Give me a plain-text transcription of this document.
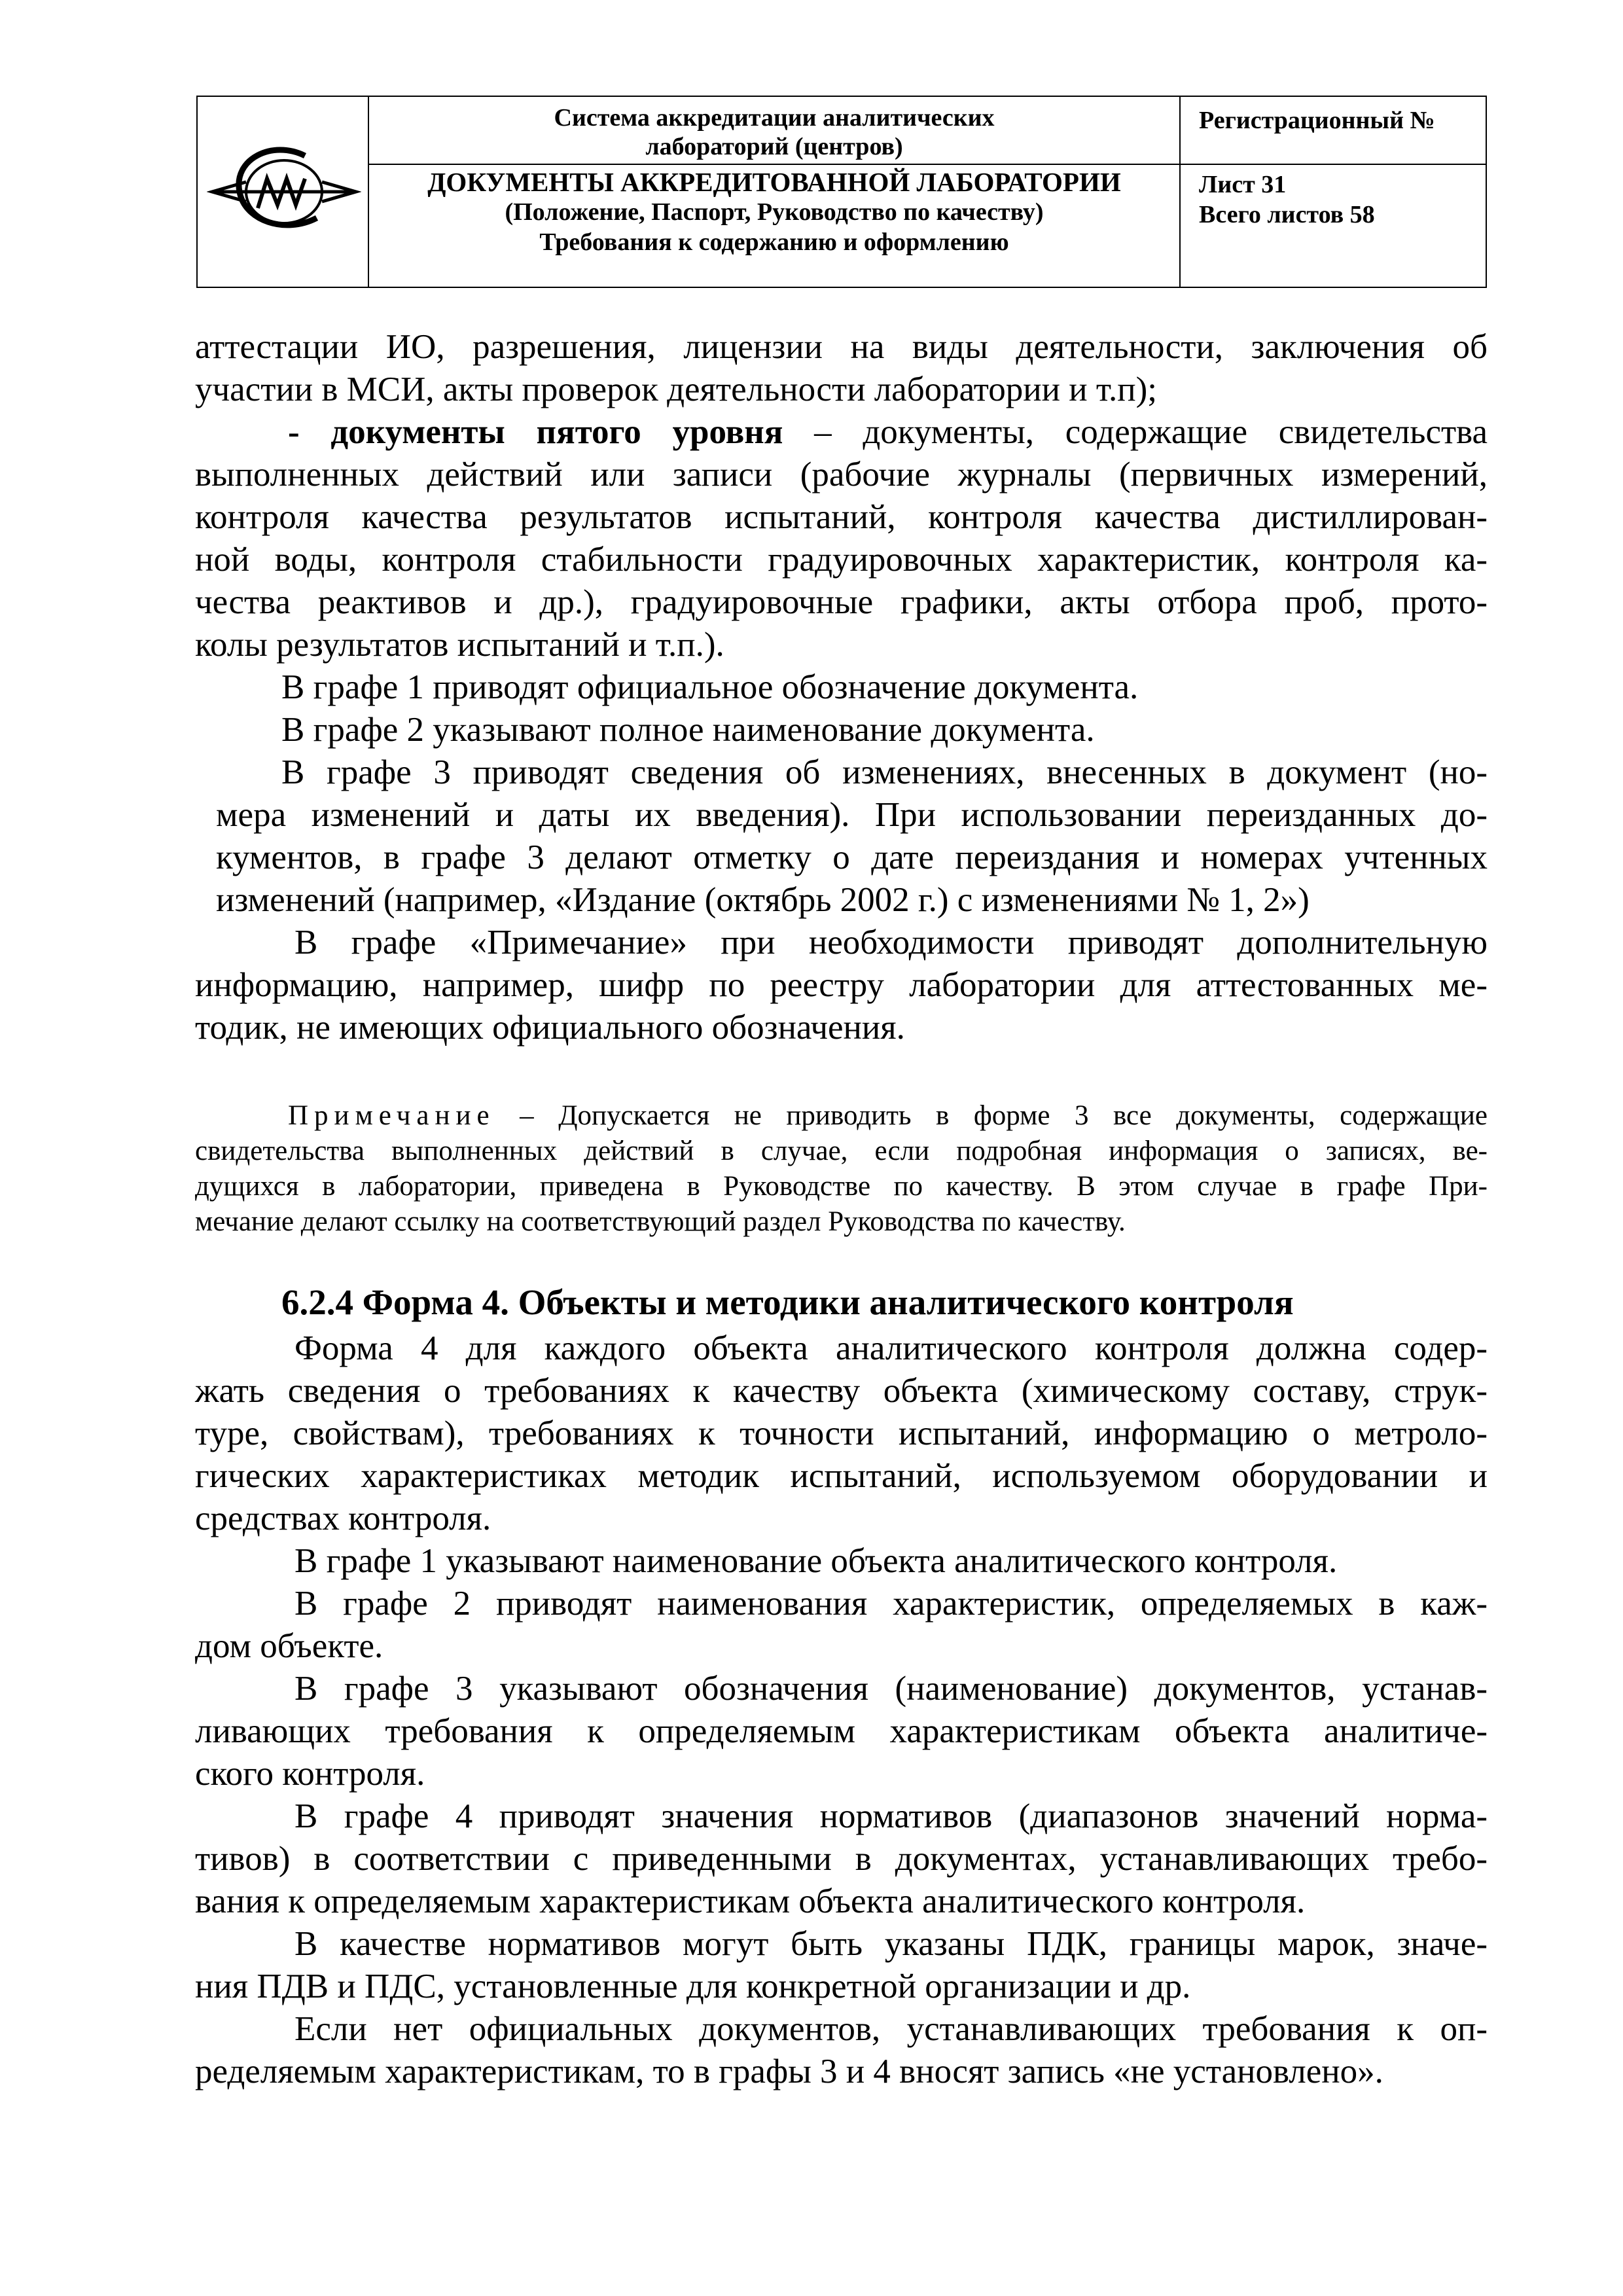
Система аккредитации аналитических
лабораторий (центров)
ДОКУМЕНТЫ АККРЕДИТОВАННОЙ ЛАБОРАТОРИИ
(Положение, Паспорт, Руководство по качеству)
Требования к содержанию и оформлению
Регистрационный №
Лист 31
Всего листов 58
аттестации ИО, разрешения, лицензии на виды деятельности, заключения об
участии в МСИ, акты проверок деятельности лаборатории и т.п);
- документы пятого уровня – документы, содержащие свидетельства
выполненных действий или записи (рабочие журналы (первичных измерений,
контроля качества результатов испытаний, контроля качества дистиллирован-
ной воды, контроля стабильности градуировочных характеристик, контроля ка-
чества реактивов и др.), градуировочные графики, акты отбора проб, прото-
колы результатов испытаний и т.п.).
В графе 1 приводят официальное обозначение документа.
В графе 2 указывают полное наименование документа.
В графе 3 приводят сведения об изменениях, внесенных в документ (но-
мера изменений и даты их введения). При использовании переизданных до-
кументов, в графе 3 делают отметку о дате переиздания и номерах учтенных
изменений (например, «Издание (октябрь 2002 г.) с изменениями № 1, 2»)
В графе «Примечание» при необходимости приводят дополнительную
информацию, например, шифр по реестру лаборатории для аттестованных ме-
тодик, не имеющих официального обозначения.
Примечание – Допускается не приводить в форме 3 все документы, содержащие
свидетельства выполненных действий в случае, если подробная информация о записях, ве-
дущихся в лаборатории, приведена в Руководстве по качеству. В этом случае в графе При-
мечание делают ссылку на соответствующий раздел Руководства по качеству.
6.2.4 Форма 4. Объекты и методики аналитического контроля
Форма 4 для каждого объекта аналитического контроля должна содер-
жать сведения о требованиях к качеству объекта (химическому составу, струк-
туре, свойствам), требованиях к точности испытаний, информацию о метроло-
гических характеристиках методик испытаний, используемом оборудовании и
средствах контроля.
В графе 1 указывают наименование объекта аналитического контроля.
В графе 2 приводят наименования характеристик, определяемых в каж-
дом объекте.
В графе 3 указывают обозначения (наименование) документов, устанав-
ливающих требования к определяемым характеристикам объекта аналитиче-
ского контроля.
В графе 4 приводят значения нормативов (диапазонов значений норма-
тивов) в соответствии с приведенными в документах, устанавливающих требо-
вания к определяемым характеристикам объекта аналитического контроля.
В качестве нормативов могут быть указаны ПДК, границы марок, значе-
ния ПДВ и ПДС, установленные для конкретной организации и др.
Если нет официальных документов, устанавливающих требования к оп-
ределяемым характеристикам, то в графы 3 и 4 вносят запись «не установлено».
